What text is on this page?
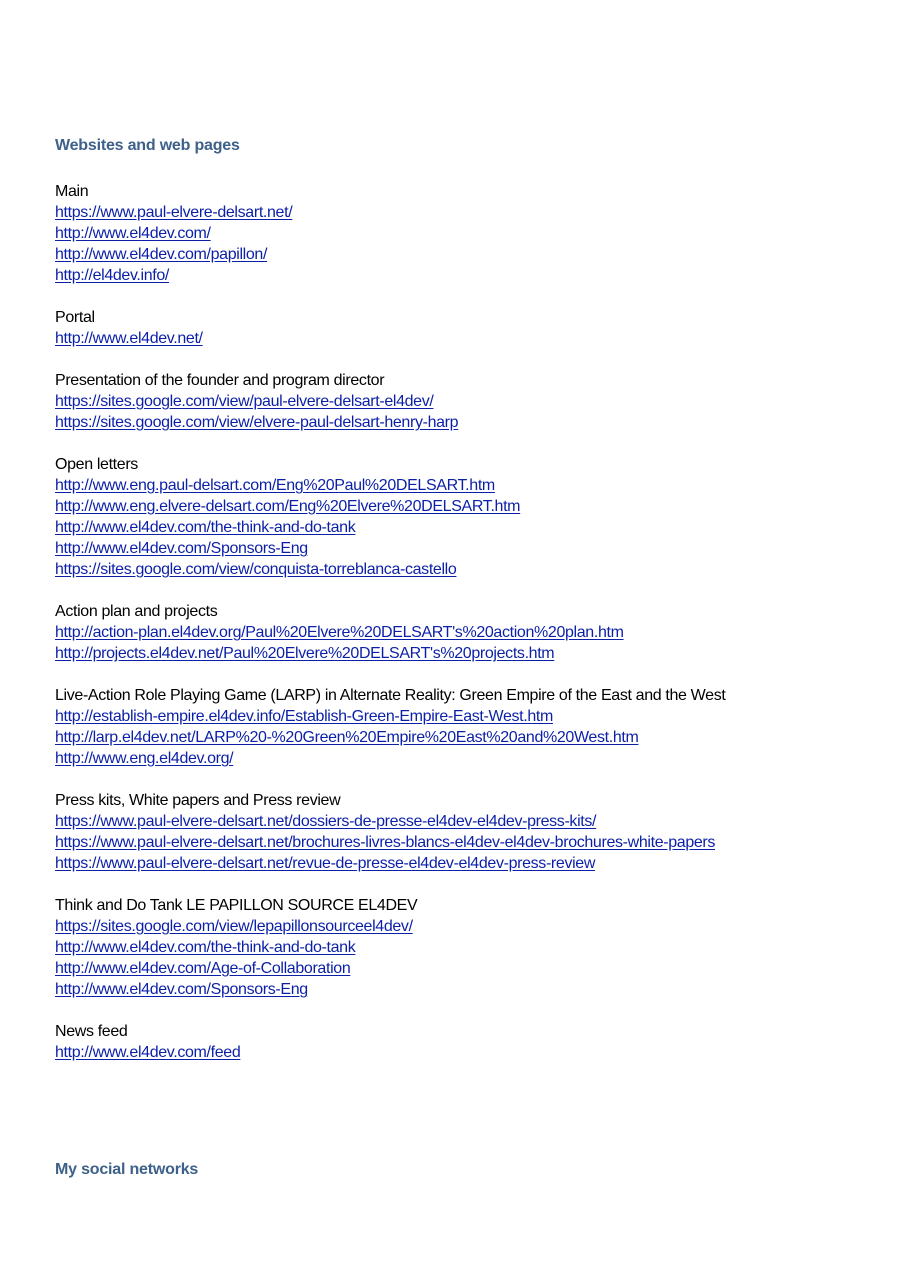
Websites and web pages
Main
https://www.paul-elvere-delsart.net/
http://www.el4dev.com/
http://www.el4dev.com/papillon/
http://el4dev.info/
Portal
http://www.el4dev.net/
Presentation of the founder and program director
https://sites.google.com/view/paul-elvere-delsart-el4dev/
https://sites.google.com/view/elvere-paul-delsart-henry-harp
Open letters
http://www.eng.paul-delsart.com/Eng%20Paul%20DELSART.htm
http://www.eng.elvere-delsart.com/Eng%20Elvere%20DELSART.htm
http://www.el4dev.com/the-think-and-do-tank
http://www.el4dev.com/Sponsors-Eng
https://sites.google.com/view/conquista-torreblanca-castello
Action plan and projects
http://action-plan.el4dev.org/Paul%20Elvere%20DELSART's%20action%20plan.htm
http://projects.el4dev.net/Paul%20Elvere%20DELSART's%20projects.htm
Live-Action Role Playing Game (LARP) in Alternate Reality: Green Empire of the East and the West
http://establish-empire.el4dev.info/Establish-Green-Empire-East-West.htm
http://larp.el4dev.net/LARP%20-%20Green%20Empire%20East%20and%20West.htm
http://www.eng.el4dev.org/
Press kits, White papers and Press review
https://www.paul-elvere-delsart.net/dossiers-de-presse-el4dev-el4dev-press-kits/
https://www.paul-elvere-delsart.net/brochures-livres-blancs-el4dev-el4dev-brochures-white-papers
https://www.paul-elvere-delsart.net/revue-de-presse-el4dev-el4dev-press-review
Think and Do Tank LE PAPILLON SOURCE EL4DEV
https://sites.google.com/view/lepapillonsourceel4dev/
http://www.el4dev.com/the-think-and-do-tank
http://www.el4dev.com/Age-of-Collaboration
http://www.el4dev.com/Sponsors-Eng
News feed
http://www.el4dev.com/feed
My social networks
